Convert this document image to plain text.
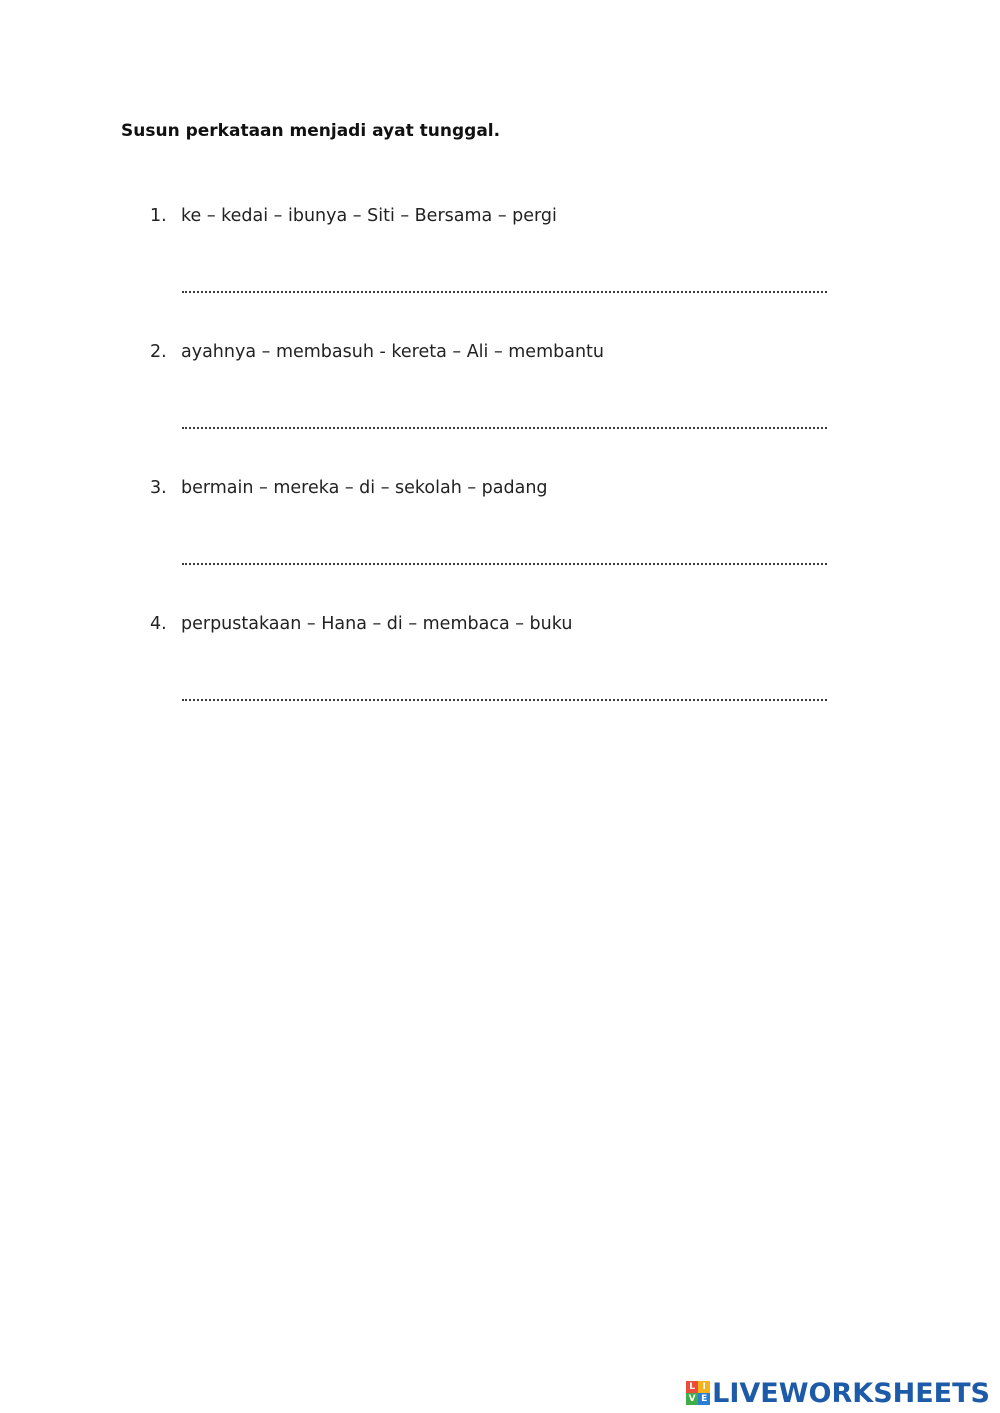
Susun perkataan menjadi ayat tunggal.
1. ke – kedai – ibunya – Siti – Bersama – pergi
2. ayahnya – membasuh - kereta – Ali – membantu
3. bermain – mereka – di – sekolah – padang
4. perpustakaan – Hana – di – membaca – buku
L I
V E LIVEWORKSHEETS
